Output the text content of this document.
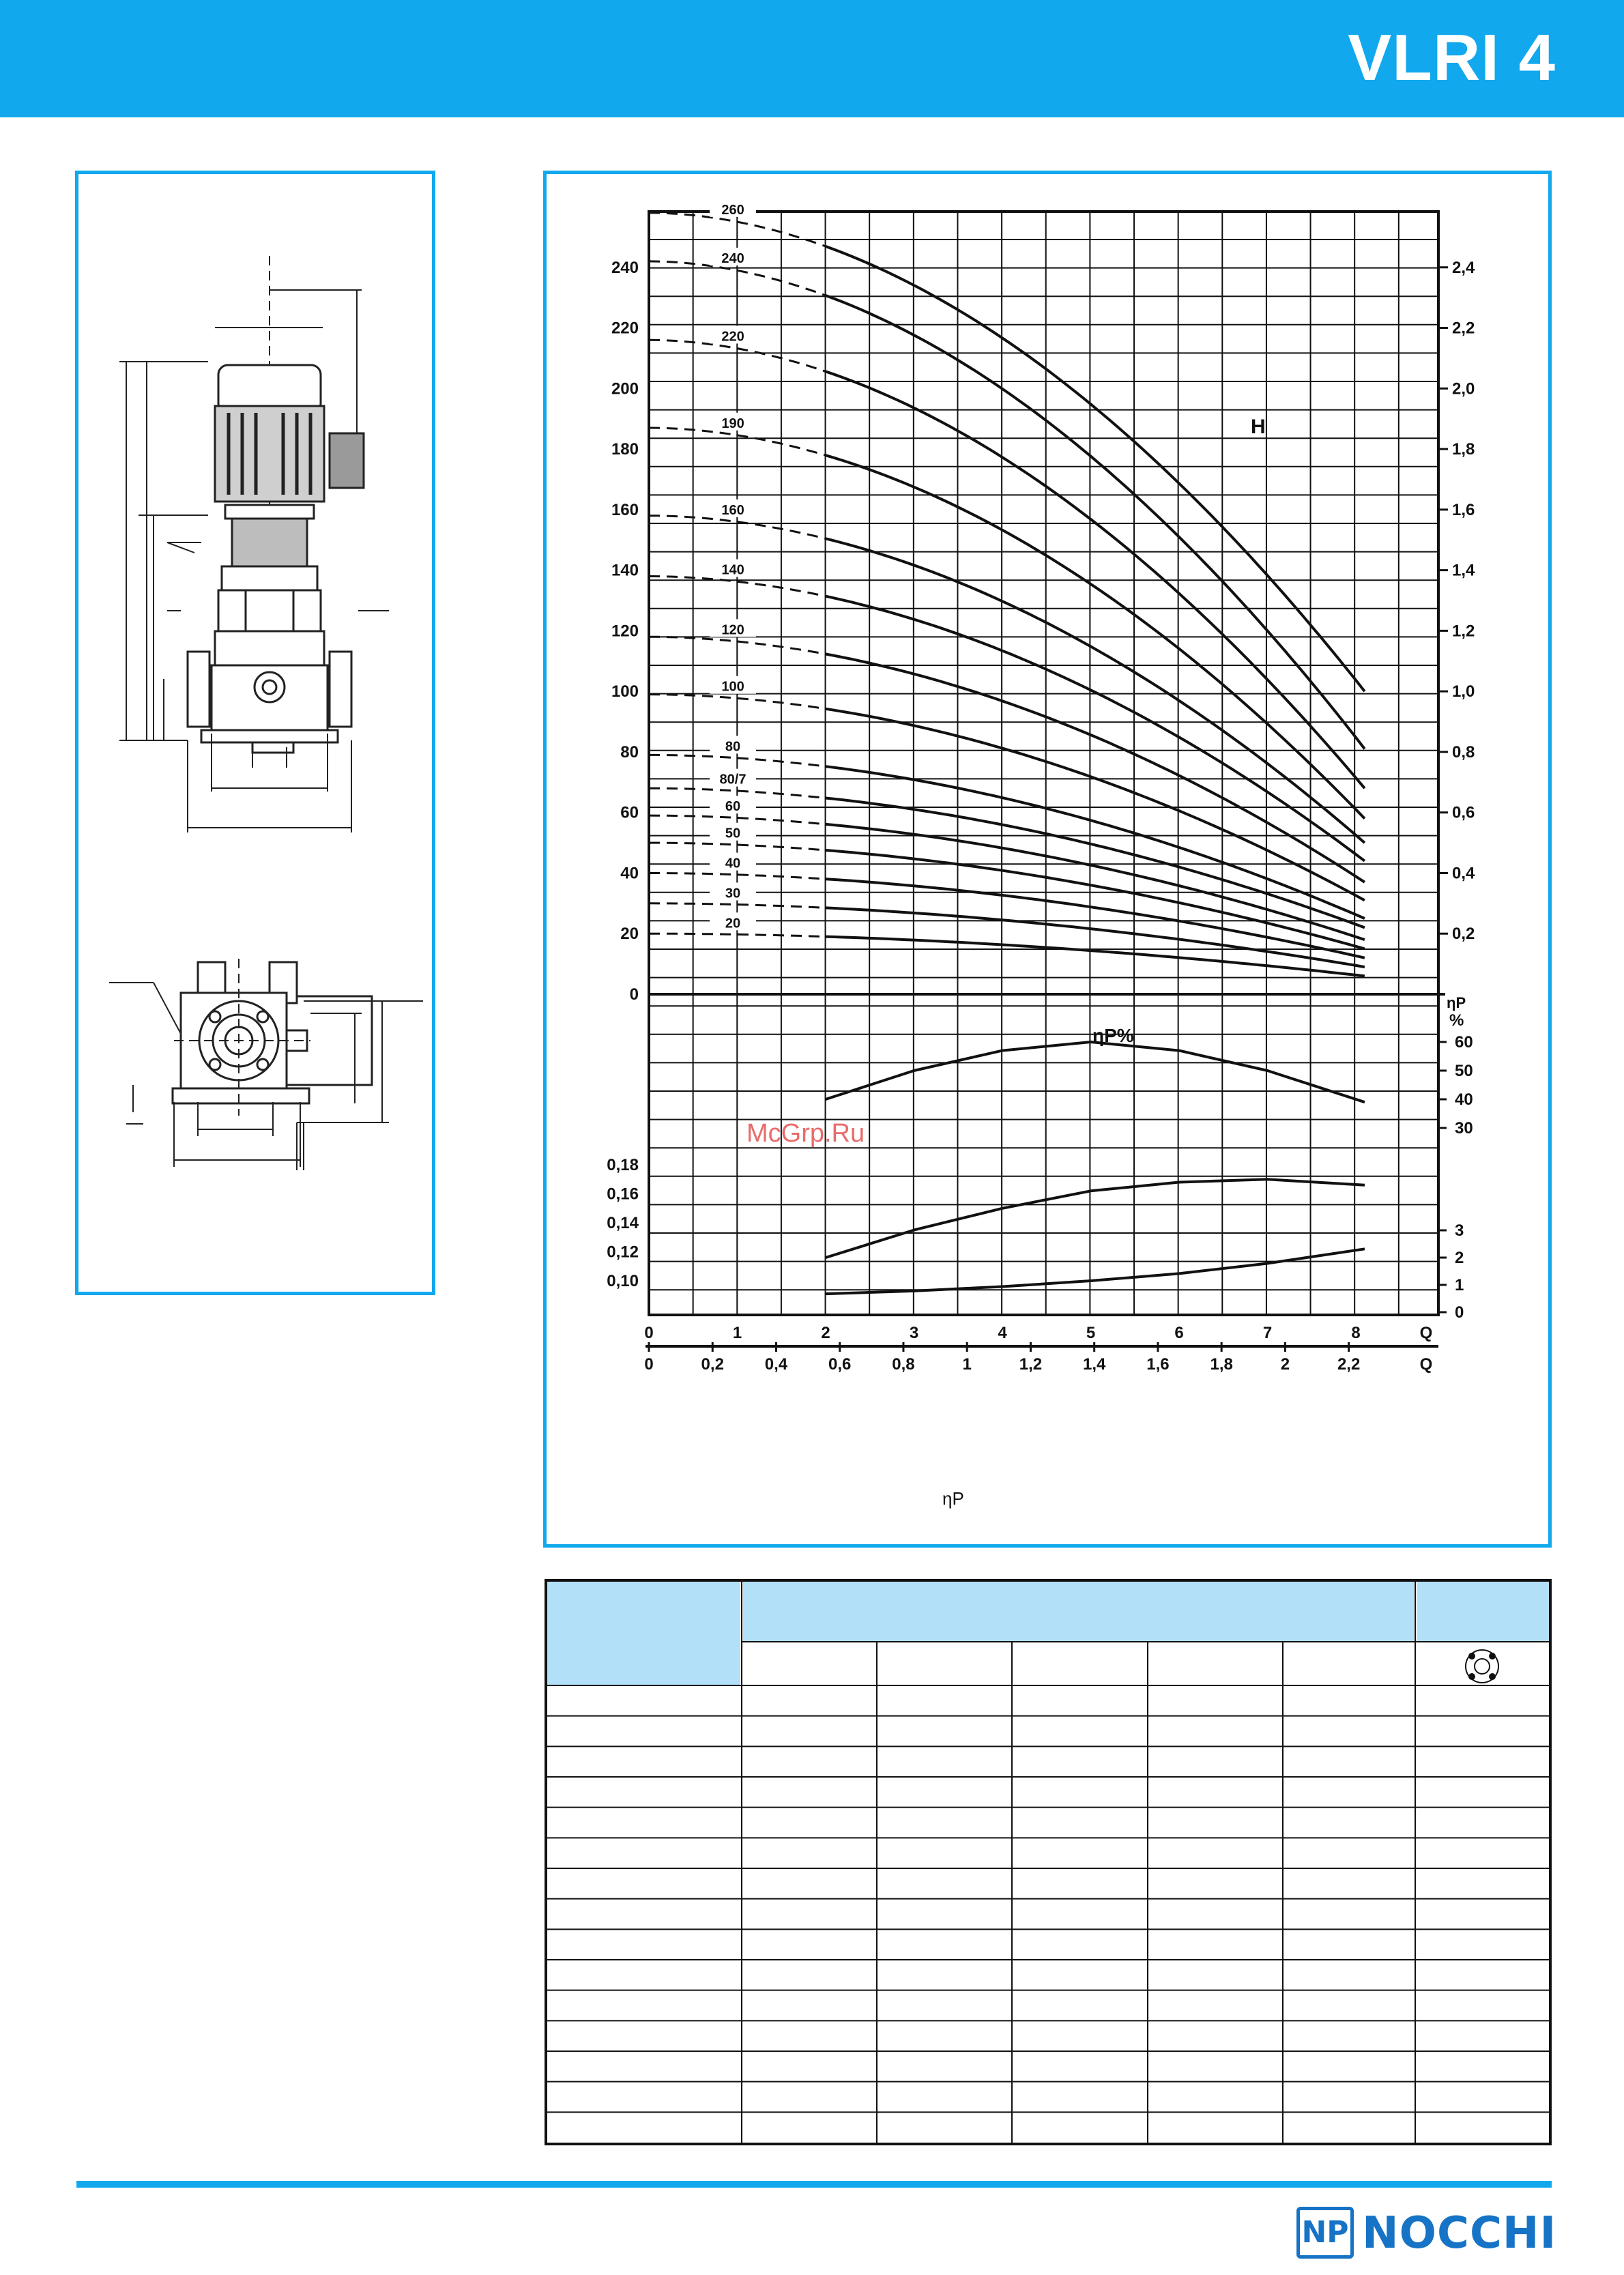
VLRI 4
240
220
200
180
160
140
120
100
80
60
40
20
0
2,4
2,2
2,0
1,8
1,6
1,4
1,2
1,0
0,8
0,6
0,4
0,2
ηP
%
60
50
40
30
0,18
0,16
0,14
0,12
0,10
3
2
1
0
0	1	2	3	4	5	6	7	8	Q
0	0,2 0,4 0,6 0,8	1	1,2 1,4 1,6 1,8	2	2,2	Q
260
240
220
190
160
140
120
100
80
80/7
60
50
40
30
20
H
ηP%
ηP
McGrp.Ru
NP NOCCHI
